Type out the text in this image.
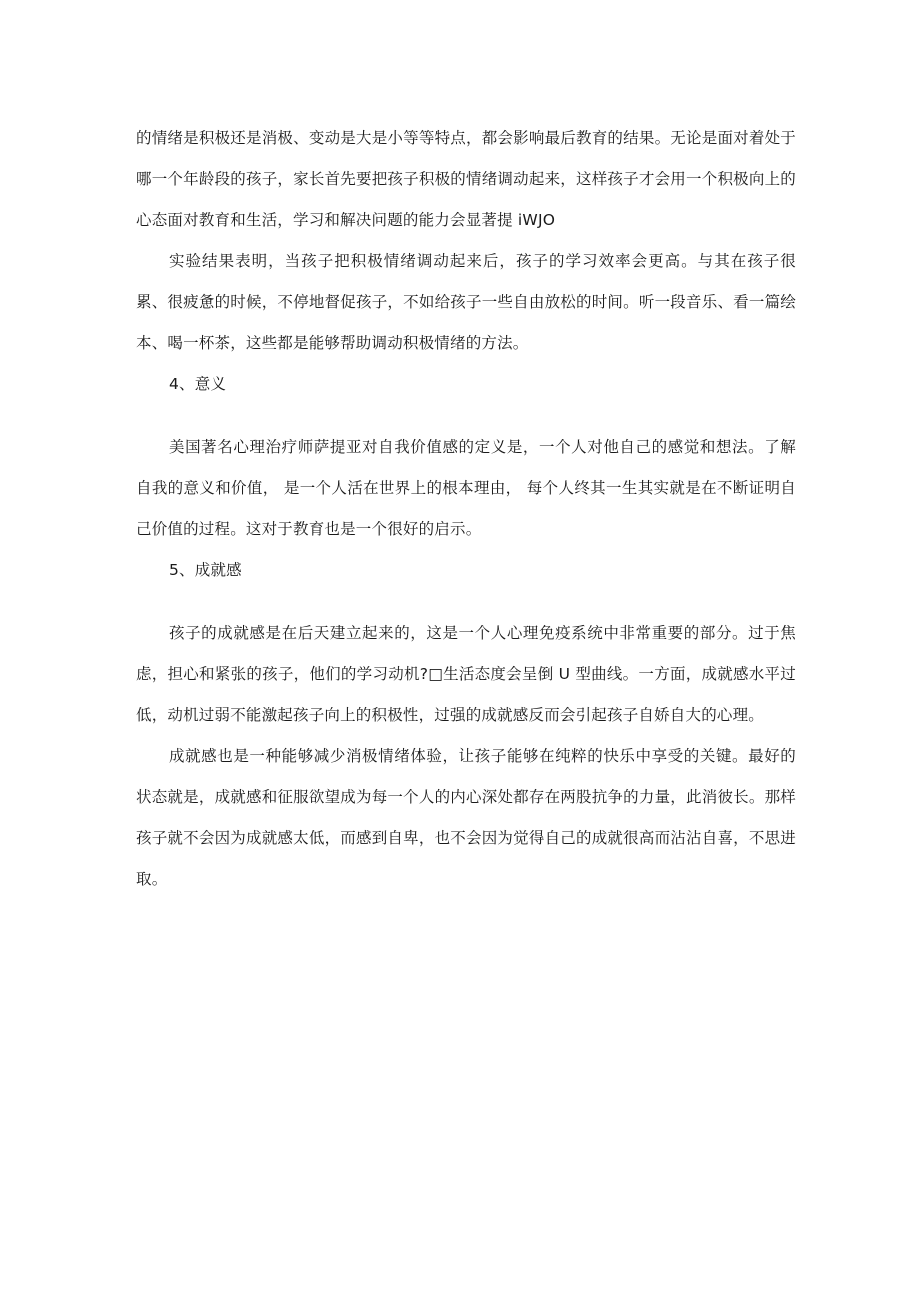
的情绪是积极还是消极、变动是大是小等等特点，都会影响最后教育的结果。无论是面对着处于哪一个年龄段的孩子，家长首先要把孩子积极的情绪调动起来，这样孩子才会用一个积极向上的心态面对教育和生活，学习和解决问题的能力会显著提 iWJO

实验结果表明，当孩子把积极情绪调动起来后，孩子的学习效率会更高。与其在孩子很累、很疲惫的时候，不停地督促孩子，不如给孩子一些自由放松的时间。听一段音乐、看一篇绘本、喝一杯茶，这些都是能够帮助调动积极情绪的方法。

4、意义

美国著名心理治疗师萨提亚对自我价值感的定义是，一个人对他自己的感觉和想法。了解自我的意义和价值， 是一个人活在世界上的根本理由， 每个人终其一生其实就是在不断证明自己价值的过程。这对于教育也是一个很好的启示。

5、成就感

孩子的成就感是在后天建立起来的，这是一个人心理免疫系统中非常重要的部分。过于焦虑，担心和紧张的孩子，他们的学习动机?□生活态度会呈倒 U 型曲线。一方面，成就感水平过低，动机过弱不能激起孩子向上的积极性，过强的成就感反而会引起孩子自娇自大的心理。

成就感也是一种能够减少消极情绪体验，让孩子能够在纯粹的快乐中享受的关键。最好的状态就是，成就感和征服欲望成为每一个人的内心深处都存在两股抗争的力量，此消彼长。那样孩子就不会因为成就感太低，而感到自卑，也不会因为觉得自己的成就很高而沾沾自喜，不思进取。
